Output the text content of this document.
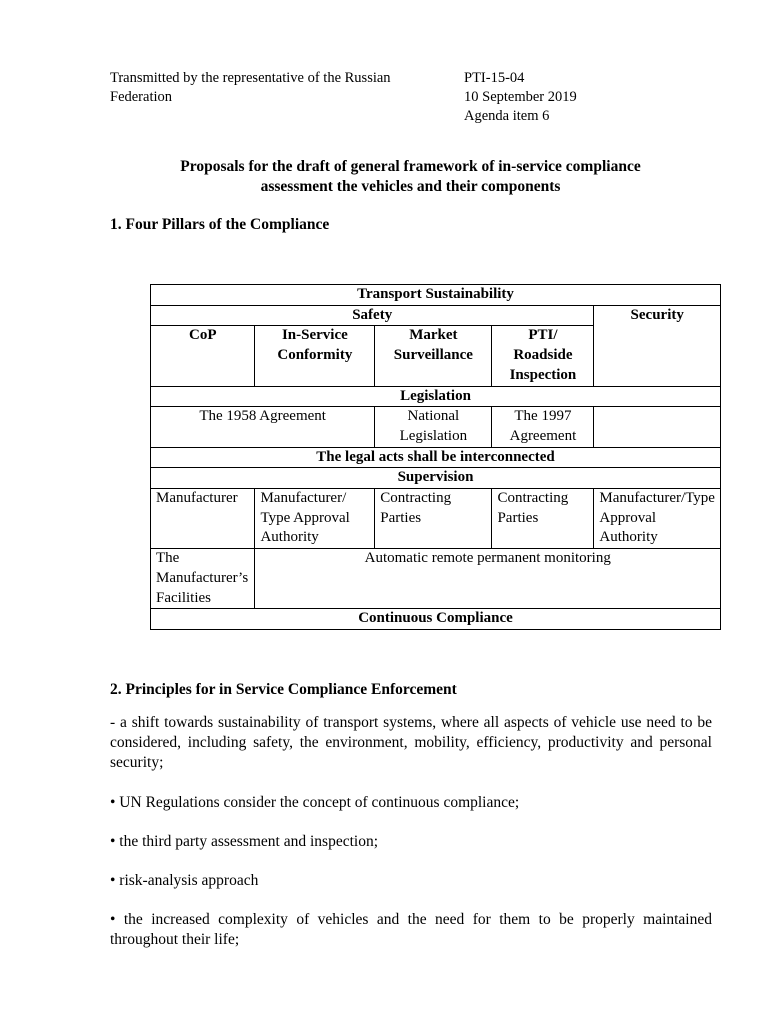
Transmitted by the representative of the Russian
Federation
PTI-15-04
10 September 2019
Agenda item 6
Proposals for the draft of general framework of in-service compliance
assessment the vehicles and their components
1. Four Pillars of the Compliance
Transport Sustainability				
Safety				Security
CoP	In-Service Conformity	Market Surveillance	PTI/ Roadside Inspection	
Legislation				
The 1958 Agreement		National Legislation	The 1997 Agreement	
The legal acts shall be interconnected				
Supervision				
Manufacturer	Manufacturer/ Type Approval Authority	Contracting Parties	Contracting Parties	Manufacturer/Type Approval Authority
The Manufacturer’s Facilities	Automatic remote permanent monitoring			
Continuous Compliance				
2. Principles for in Service Compliance Enforcement
- a shift towards sustainability of transport systems, where all aspects of vehicle use need to be considered, including safety, the environment, mobility, efficiency, productivity and personal security;
• UN Regulations consider the concept of continuous compliance;
• the third party assessment and inspection;
• risk-analysis approach
• the increased complexity of vehicles and the need for them to be properly maintained throughout their life;
